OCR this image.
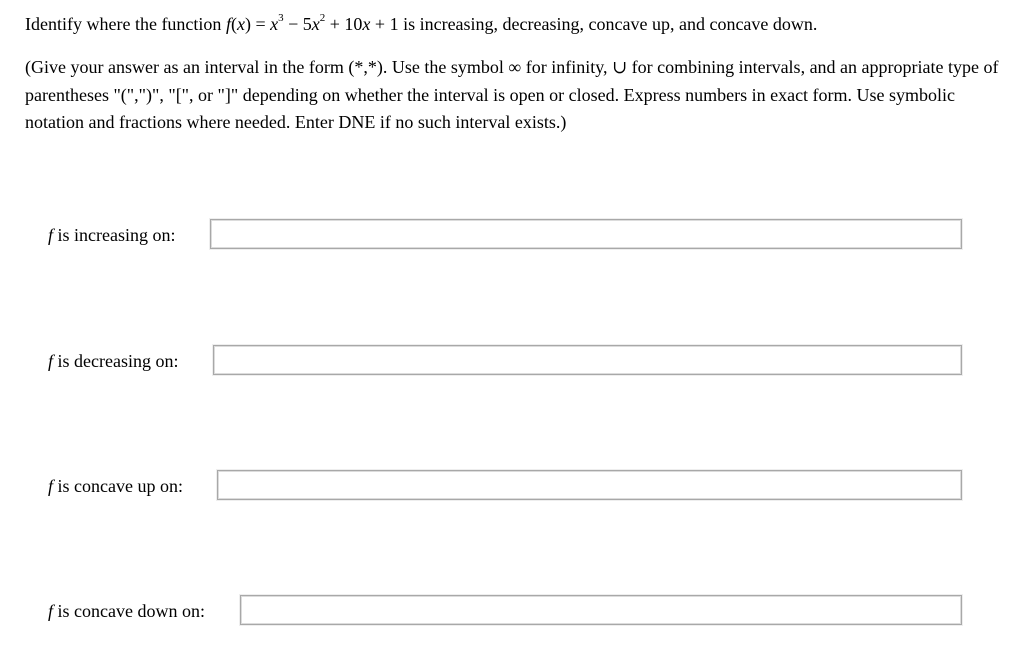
Identify where the function $f(x) = x^3 - 5x^2 + 10x + 1$ is increasing, decreasing, concave up, and concave down.
(Give your answer as an interval in the form (*,*). Use the symbol ∞ for infinity, ∪ for combining intervals, and an appropriate type of parentheses "(",")", "[", or "]" depending on whether the interval is open or closed. Express numbers in exact form. Use symbolic notation and fractions where needed. Enter DNE if no such interval exists.)
f is increasing on:
f is decreasing on:
f is concave up on:
f is concave down on:
